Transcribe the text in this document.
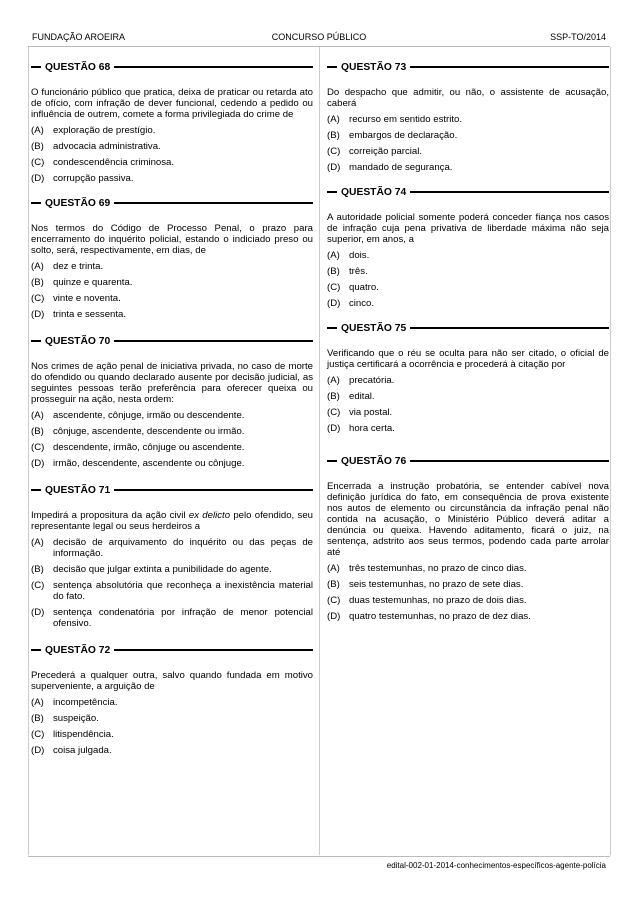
FUNDAÇÃO AROEIRA	CONCURSO PÚBLICO	SSP-TO/2014
QUESTÃO 68
O funcionário público que pratica, deixa de praticar ou retarda ato de ofício, com infração de dever funcional, cedendo a pedido ou influência de outrem, comete a forma privilegiada do crime de
(A) exploração de prestígio.
(B) advocacia administrativa.
(C) condescendência criminosa.
(D) corrupção passiva.
QUESTÃO 69
Nos termos do Código de Processo Penal, o prazo para encerramento do inquérito policial, estando o indiciado preso ou solto, será, respectivamente, em dias, de
(A) dez e trinta.
(B) quinze e quarenta.
(C) vinte e noventa.
(D) trinta e sessenta.
QUESTÃO 70
Nos crimes de ação penal de iniciativa privada, no caso de morte do ofendido ou quando declarado ausente por decisão judicial, as seguintes pessoas terão preferência para oferecer queixa ou prosseguir na ação, nesta ordem:
(A) ascendente, cônjuge, irmão ou descendente.
(B) cônjuge, ascendente, descendente ou irmão.
(C) descendente, irmão, cônjuge ou ascendente.
(D) irmão, descendente, ascendente ou cônjuge.
QUESTÃO 71
Impedirá a propositura da ação civil ex delicto pelo ofendido, seu representante legal ou seus herdeiros a
(A) decisão de arquivamento do inquérito ou das peças de informação.
(B) decisão que julgar extinta a punibilidade do agente.
(C) sentença absolutória que reconheça a inexistência material do fato.
(D) sentença condenatória por infração de menor potencial ofensivo.
QUESTÃO 72
Precederá a qualquer outra, salvo quando fundada em motivo superveniente, a arguição de
(A) incompetência.
(B) suspeição.
(C) litispendência.
(D) coisa julgada.
QUESTÃO 73
Do despacho que admitir, ou não, o assistente de acusação, caberá
(A) recurso em sentido estrito.
(B) embargos de declaração.
(C) correição parcial.
(D) mandado de segurança.
QUESTÃO 74
A autoridade policial somente poderá conceder fiança nos casos de infração cuja pena privativa de liberdade máxima não seja superior, em anos, a
(A) dois.
(B) três.
(C) quatro.
(D) cinco.
QUESTÃO 75
Verificando que o réu se oculta para não ser citado, o oficial de justiça certificará a ocorrência e procederá à citação por
(A) precatória.
(B) edital.
(C) via postal.
(D) hora certa.
QUESTÃO 76
Encerrada a instrução probatória, se entender cabível nova definição jurídica do fato, em consequência de prova existente nos autos de elemento ou circunstância da infração penal não contida na acusação, o Ministério Público deverá aditar a denúncia ou queixa. Havendo aditamento, ficará o juiz, na sentença, adstrito aos seus termos, podendo cada parte arrolar até
(A) três testemunhas, no prazo de cinco dias.
(B) seis testemunhas, no prazo de sete dias.
(C) duas testemunhas, no prazo de dois dias.
(D) quatro testemunhas, no prazo de dez dias.
edital-002-01-2014-conhecimentos-específicos-agente-polícia
